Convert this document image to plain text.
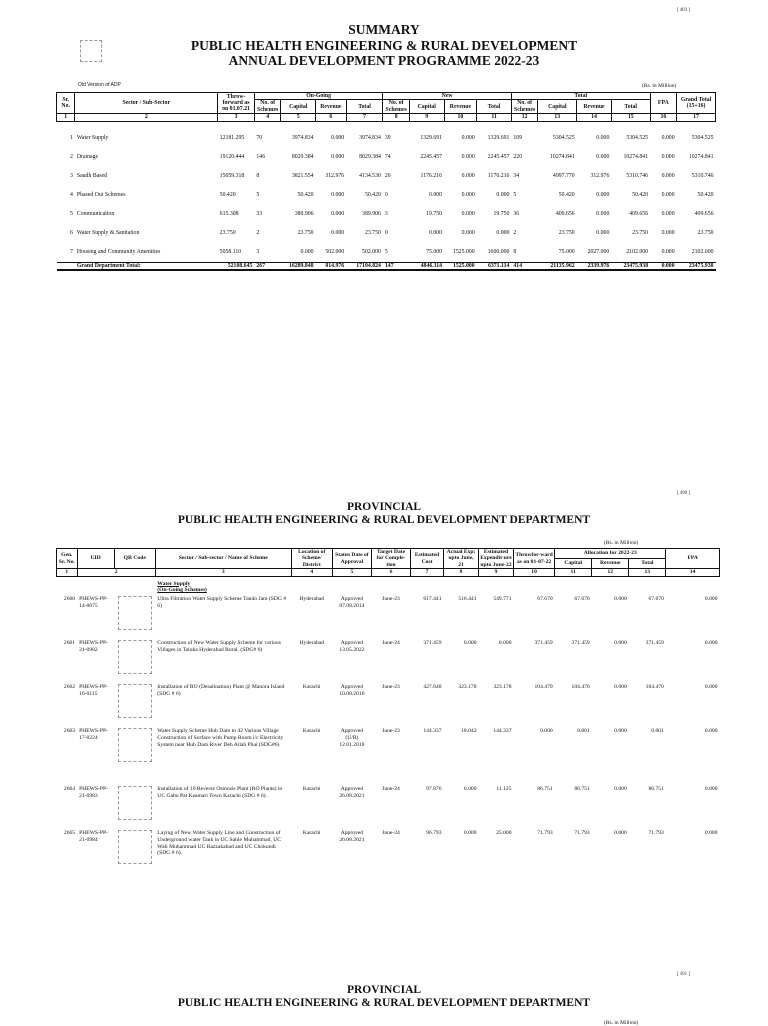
[ 403 ]
SUMMARY
PUBLIC HEALTH ENGINEERING & RURAL DEVELOPMENT
ANNUAL DEVELOPMENT PROGRAMME 2022-23
Old Version of ADP	(Rs. in Million)
Sr. No.	Sector / Sub-Sector	Throw-forward as on 01.07.21	On-Going				New				Total				FPA	Grand Total (15+16)
			No. of Schemes	Capital	Revenue	Total	No. of Schemes	Capital	Revenue	Total	No. of Schemes	Capital	Revenue	Total		
1	2	3	4	5	6	7	8	9	10	11	12	13	14	15	16	17

1	Water Supply	12181.295	70	3974.834	0.000	3974.834	39	1329.691	0.000	1329.691	109	5304.525	0.000	5304.525	0.000	5304.525
2	Drainage	19120.444	146	8029.384	0.000	8029.384	74	2245.457	0.000	2245.457	220	10274.841	0.000	10274.841	0.000	10274.841
3	Saudh Based	15059.318	8	3821.554	312.976	4134.530	26	1176.216	0.000	1176.216	34	4997.770	312.976	5310.746	0.000	5310.746
4	Phased Out Schemes	50.420	5	50.420	0.000	50.420	0	0.000	0.000	0.000	5	50.420	0.000	50.420	0.000	50.420
5	Communication	615.308	33	389.906	0.000	389.906	3	19.750	0.000	19.750	36	409.656	0.000	409.656	0.000	409.656
6	Water Supply & Sanitation	23.750	2	23.750	0.000	23.750	0	0.000	0.000	0.000	2	23.750	0.000	23.750	0.000	23.750
7	Housing and Community Amenities	5058.110	3	0.000	502.000	502.000	5	75.000	1525.000	1600.000	8	75.000	2027.000	2102.000	0.000	2102.000
	Grand Department Total:	52108.645	267	16289.848	814.976	17104.824	147	4846.114	1525.000	6371.114	414	21135.962	2339.976	23475.938	0.000	23475.938
[ 490 ]
PROVINCIAL
PUBLIC HEALTH ENGINEERING & RURAL DEVELOPMENT DEPARTMENT
(Rs. in Million)
Gen. Sr. No.	UID	QR Code	Sector / Sub-sector / Name of Scheme	Location of Scheme/ District	Status Date of Approval	Target Date for Comple-tion	Estimated Cost	Actual Exp: upto June, 21	Estimated Expendit-ure upto June-22	Throwfor-ward as on 01-07-22	Allocation for 2022-23			FPA
											Capital	Revenue	Total	
1	2		3	4	5	6	7	8	9	10	11	12	13	14

			Water Supply
(On-Going Schemes)											

2660	PHEWS-PP-14-0075		Ultra Filtration Water Supply Scheme Tando Jam (SDG # 6)	Hyderabad	Approved 07.08.2014	June-23	617.441	516.441	549.771	67.670	67.670	0.000	67.670	0.000
2661	PHEWS-PP-21-0982		Construction of New Water Supply Scheme for various Villages in Taluka Hyderabad Rural. (SDG# 6)	Hyderabad	Approved 13.05.2022	June-24	371.459	0.000	0.000	371.459	371.459	0.000	371.459	0.000
2662	PHEWS-PP-16-0115		Installation of RO (Desalination) Plant @ Manora Island (SDG # 6)	Karachi	Approved 10.08.2016	June-23	427.648	323.178	323.178	104.470	104.470	0.000	104.470	0.000
2663	PHEWS-PP-17-0224		Water Supply Scheme Hub Dam to 42 Various Village Construction of Surface with Pump Room i/c Electricity System near Hub Dam River Deh Allah Phai (SDG#6)	Karachi	Approved (U/R) 12.01.2018	June-23	144.337	18.042	144.337	0.000	0.001	0.000	0.001	0.000
2664	PHEWS-PP-21-0983		Installation of 10 Reverse Osmosis Plant (RO Plants) in UC Gabo Pat Keamari Town Karachi (SDG # 6).	Karachi	Approved 26.08.2021	June-24	97.876	0.000	11.125	86.751	86.751	0.000	86.751	0.000
2665	PHEWS-PP-21-0984		Laying of New Water Supply Line and Construction of Underground water Tank in UC Sahle Muhammad, UC Wali Muhammad UC Razzakabad and UC Chokundi (SDG # 6).	Karachi	Approved 26.08.2021	June-24	96.793	0.000	25.000	71.793	71.793	0.000	71.793	0.000
[ 491 ]
PROVINCIAL
PUBLIC HEALTH ENGINEERING & RURAL DEVELOPMENT DEPARTMENT
(Rs. in Million)
